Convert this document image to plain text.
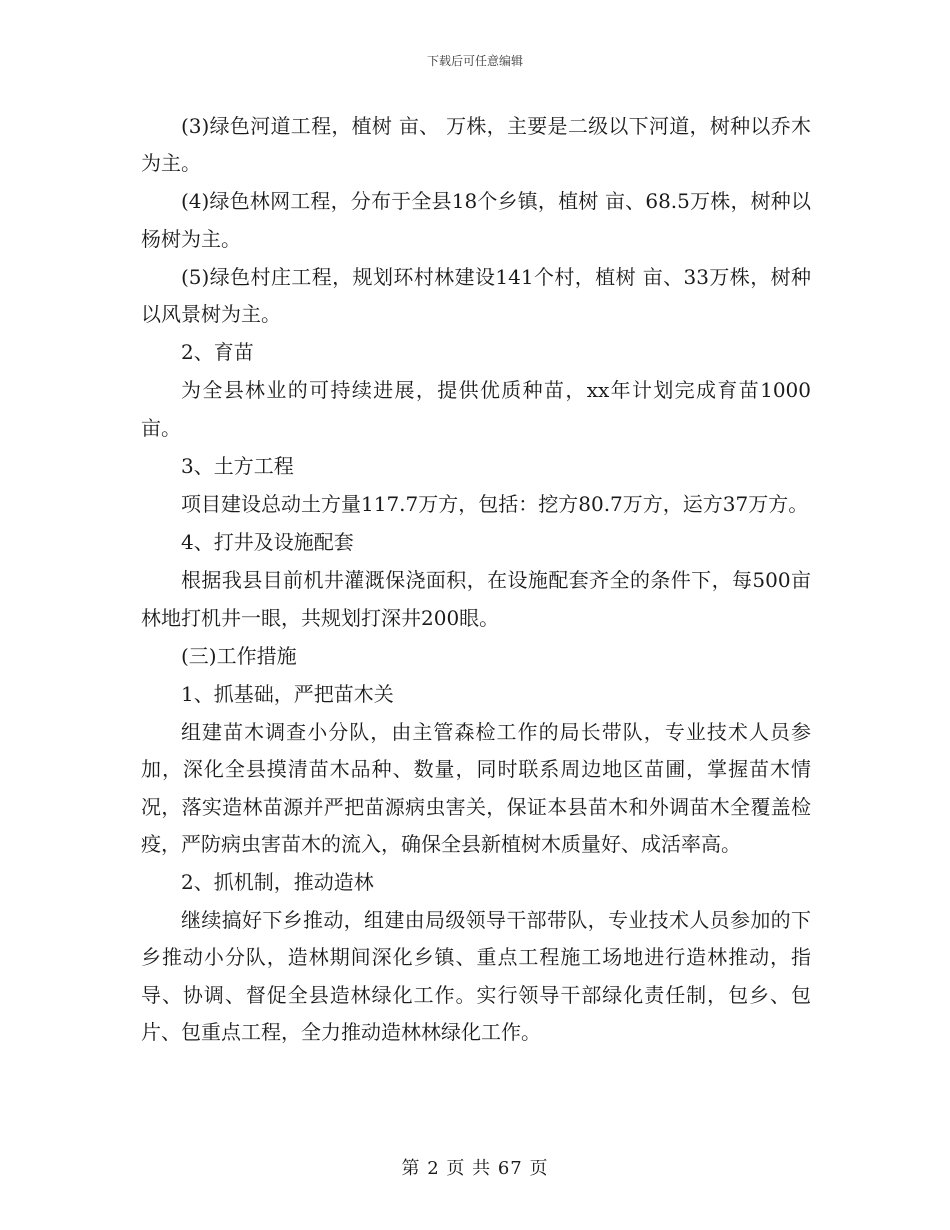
下载后可任意编辑

(3)绿色河道工程，植树 亩、 万株，主要是二级以下河道，树种以乔木为主。

(4)绿色林网工程，分布于全县18个乡镇，植树 亩、68.5万株，树种以杨树为主。

(5)绿色村庄工程，规划环村林建设141个村，植树 亩、33万株，树种以风景树为主。

2、育苗

为全县林业的可持续进展，提供优质种苗，xx年计划完成育苗1000亩。

3、土方工程

项目建设总动土方量117.7万方，包括：挖方80.7万方，运方37万方。

4、打井及设施配套

根据我县目前机井灌溉保浇面积，在设施配套齐全的条件下，每500亩林地打机井一眼，共规划打深井200眼。

(三)工作措施

1、抓基础，严把苗木关

组建苗木调查小分队，由主管森检工作的局长带队，专业技术人员参加，深化全县摸清苗木品种、数量，同时联系周边地区苗圃，掌握苗木情况，落实造林苗源并严把苗源病虫害关，保证本县苗木和外调苗木全覆盖检疫，严防病虫害苗木的流入，确保全县新植树木质量好、成活率高。

2、抓机制，推动造林

继续搞好下乡推动，组建由局级领导干部带队，专业技术人员参加的下乡推动小分队，造林期间深化乡镇、重点工程施工场地进行造林推动，指导、协调、督促全县造林绿化工作。实行领导干部绿化责任制，包乡、包片、包重点工程，全力推动造林林绿化工作。

第 2 页 共 67 页
